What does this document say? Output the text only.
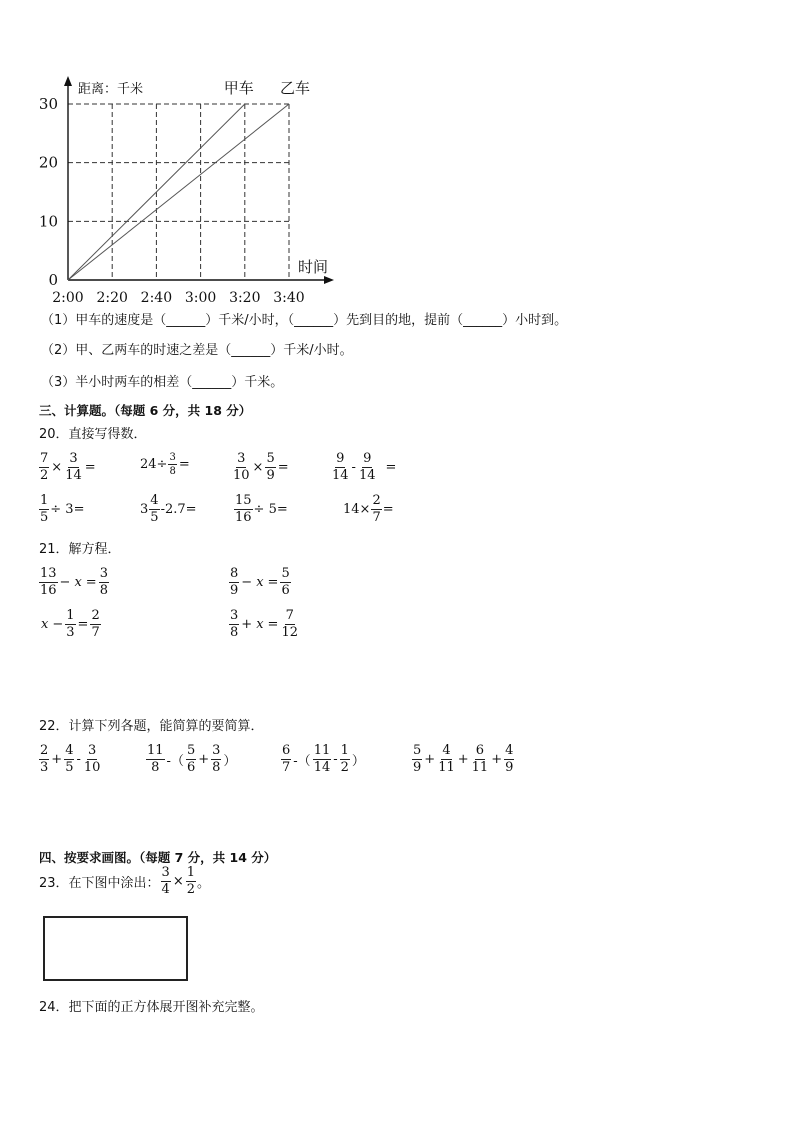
甲车 乙车
2:00 2:20 2:40 3:00 3:20 3:40
0
10
20
30
距离：千米
时间
（1）甲车的速度是（______）千米/小时，（______）先到目的地，提前（______）小时到。
（2）甲、乙两车的时速之差是（______）千米/小时。
（3）半小时两车的相差（______）千米。
三、计算题。（每题 6 分，共 18 分）
20．直接写得数．
$\frac{7}{2} \times \frac{3}{14}$ =	$24\div \frac{3}{8}$ =	$\frac{3}{10} \times \frac{5}{9}$ =	$\frac{9}{14} - \frac{9}{14}$ =
$\frac{1}{5} \div 3=$	$3 \frac{4}{5} -2.7=$	$\frac{15}{16} \div 5=$	$14\times \frac{2}{7}$ =
21．解方程．
$\frac{13}{16} - x = \frac{3}{8}$	$\frac{8}{9} - x = \frac{5}{6}$
$x - \frac{1}{3} = \frac{2}{7}$	$\frac{3}{8} + x = \frac{7}{12}$
22．计算下列各题，能简算的要简算．
$\frac{2}{3} + \frac{4}{5} - \frac{3}{10}$	$\frac{11}{8}$ -（ $\frac{5}{6} + \frac{3}{8}$ ）	$\frac{6}{7}$ -（ $\frac{11}{14} - \frac{1}{2}$ ）	$\frac{5}{9} + \frac{4}{11} + \frac{6}{11} + \frac{4}{9}$
四、按要求画图。（每题 7 分，共 14 分）
23．在下图中涂出： $\frac{3}{4} \times \frac{1}{2}$ 。
24．把下面的正方体展开图补充完整。
